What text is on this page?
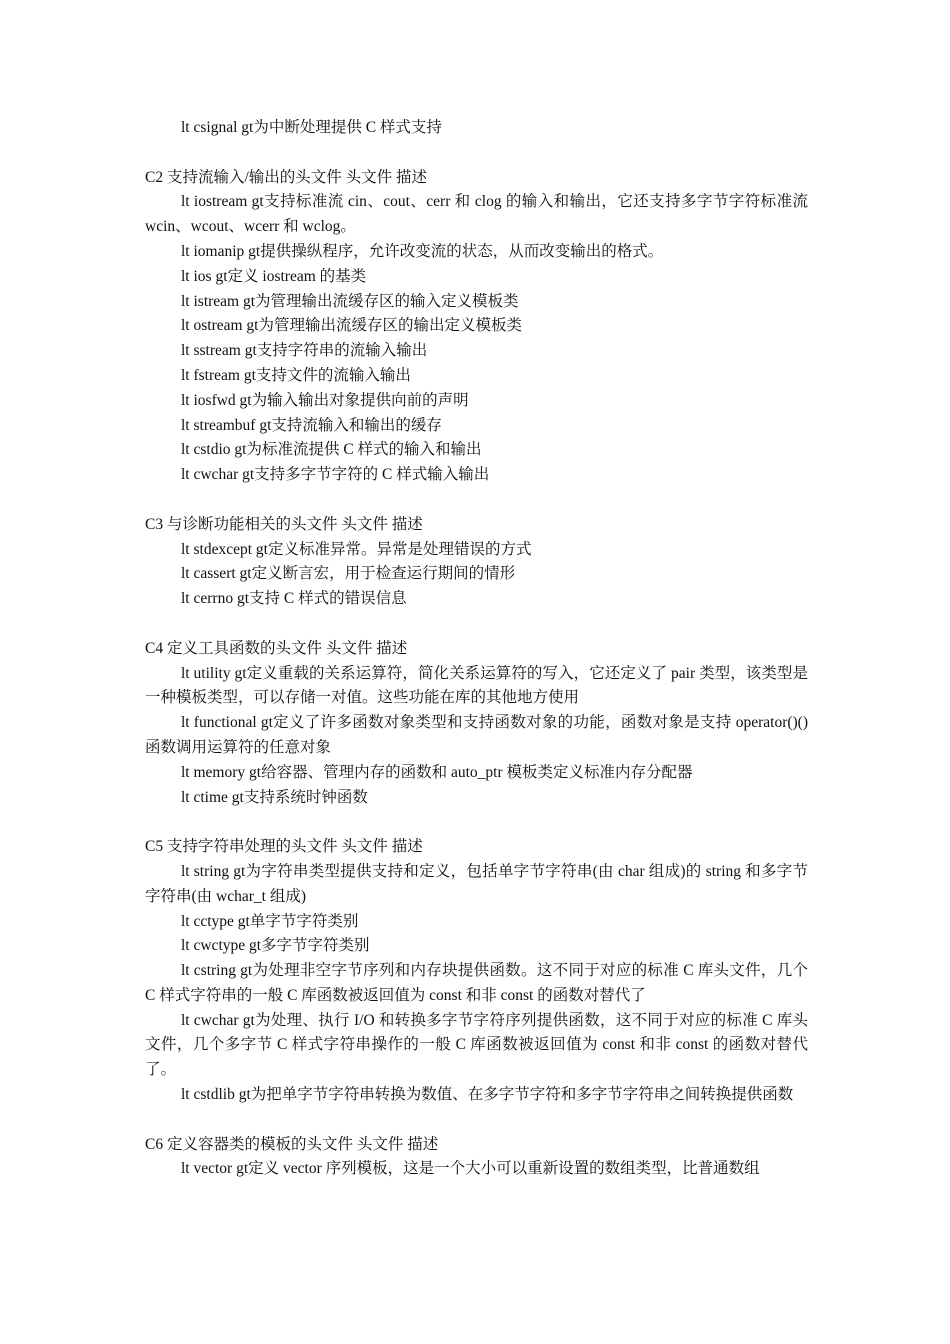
lt csignal gt为中断处理提供 C 样式支持

C2 支持流输入/输出的头文件 头文件 描述

lt iostream gt支持标准流 cin、cout、cerr 和 clog 的输入和输出，它还支持多字节字符标准流 wcin、wcout、wcerr 和 wclog。

lt iomanip gt提供操纵程序，允许改变流的状态，从而改变输出的格式。

lt ios gt定义 iostream 的基类

lt istream gt为管理输出流缓存区的输入定义模板类

lt ostream gt为管理输出流缓存区的输出定义模板类

lt sstream gt支持字符串的流输入输出

lt fstream gt支持文件的流输入输出

lt iosfwd gt为输入输出对象提供向前的声明

lt streambuf gt支持流输入和输出的缓存

lt cstdio gt为标准流提供 C 样式的输入和输出

lt cwchar gt支持多字节字符的 C 样式输入输出

C3 与诊断功能相关的头文件 头文件 描述

lt stdexcept gt定义标准异常。异常是处理错误的方式

lt cassert gt定义断言宏，用于检查运行期间的情形

lt cerrno gt支持 C 样式的错误信息

C4 定义工具函数的头文件 头文件 描述

lt utility gt定义重载的关系运算符，简化关系运算符的写入，它还定义了 pair 类型，该类型是一种模板类型，可以存储一对值。这些功能在库的其他地方使用

lt functional gt定义了许多函数对象类型和支持函数对象的功能，函数对象是支持 operator()()函数调用运算符的任意对象

lt memory gt给容器、管理内存的函数和 auto_ptr 模板类定义标准内存分配器

lt ctime gt支持系统时钟函数

C5 支持字符串处理的头文件 头文件 描述

lt string gt为字符串类型提供支持和定义，包括单字节字符串(由 char 组成)的 string 和多字节字符串(由 wchar_t 组成)

lt cctype gt单字节字符类别

lt cwctype gt多字节字符类别

lt cstring gt为处理非空字节序列和内存块提供函数。这不同于对应的标准 C 库头文件，几个 C 样式字符串的一般 C 库函数被返回值为 const 和非 const 的函数对替代了

lt cwchar gt为处理、执行 I/O 和转换多字节字符序列提供函数，这不同于对应的标准 C 库头文件，几个多字节 C 样式字符串操作的一般 C 库函数被返回值为 const 和非 const 的函数对替代了。

lt cstdlib gt为把单字节字符串转换为数值、在多字节字符和多字节字符串之间转换提供函数

C6 定义容器类的模板的头文件 头文件 描述

lt vector gt定义 vector 序列模板，这是一个大小可以重新设置的数组类型，比普通数组
